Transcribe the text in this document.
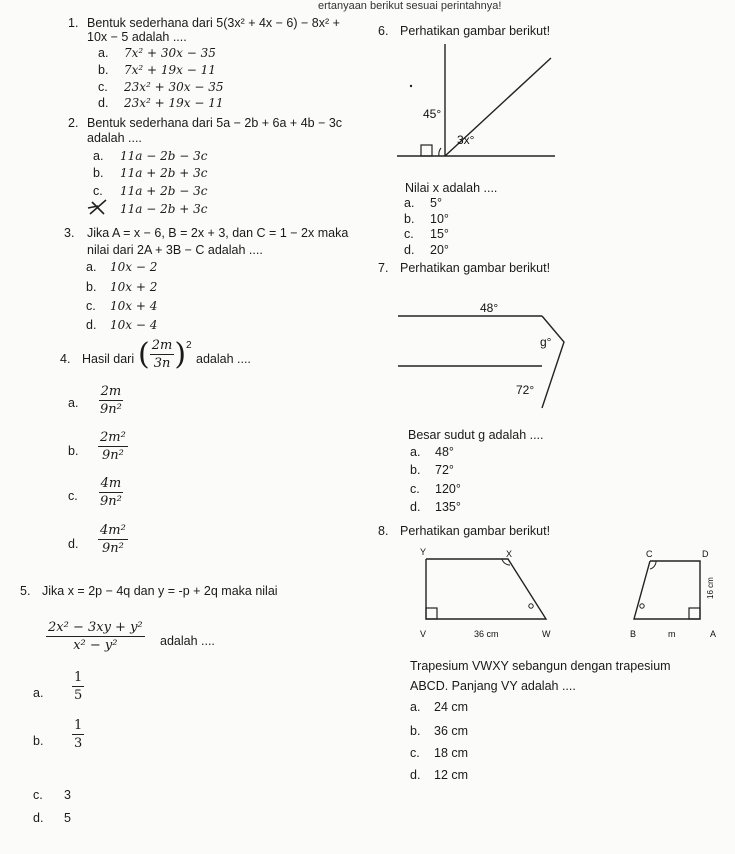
ertanyaan berikut sesuai perintahnya!
1. Bentuk sederhana dari 5(3x² + 4x − 6) − 8x² +
10x − 5 adalah ....
a. 7x² + 30x − 35
b. 7x² + 19x − 11
c. 23x² + 30x − 35
d. 23x² + 19x − 11
2. Bentuk sederhana dari 5a − 2b + 6a + 4b − 3c
adalah ....
a. 11a − 2b − 3c
b. 11a + 2b + 3c
c. 11a + 2b − 3c
11a − 2b + 3c
3. Jika A = x − 6, B = 2x + 3, dan C = 1 − 2x maka
nilai dari 2A + 3B − C adalah ....
a. 10x − 2
b. 10x + 2
c. 10x + 4
d. 10x − 4
4. Hasil dari ( $\frac{2m}{3n} )^2$
adalah ....
a. $\frac{2m}{\text{9n²}}$
b. $\frac{\text{2m²}}{\text{9n²}}$
c. $\frac{4m}{\text{9n²}}$
d. $\frac{\text{4m²}}{\text{9n²}}$
5. Jika x = 2p − 4q dan y = -p + 2q maka nilai
$\frac{\text{2x² − 3xy + y²}}{\text{x² − y²}}$ adalah ....
a. $\frac{1}{5}$
b. $\frac{1}{3}$
c. 3
d. 5
6. Perhatikan gambar berikut!
45°
3x°
Nilai x adalah ....
a. 5°
b. 10°
c. 15°
d. 20°
7. Perhatikan gambar berikut!
48°
g°
72°
Besar sudut g adalah ....
a. 48°
b. 72°
c. 120°
d. 135°
8. Perhatikan gambar berikut!
Y	X
V	36 cm	W
C	D
B	m	A
16 cm
Trapesium VWXY sebangun dengan trapesium
ABCD. Panjang VY adalah ....
a. 24 cm
b. 36 cm
c. 18 cm
d. 12 cm
